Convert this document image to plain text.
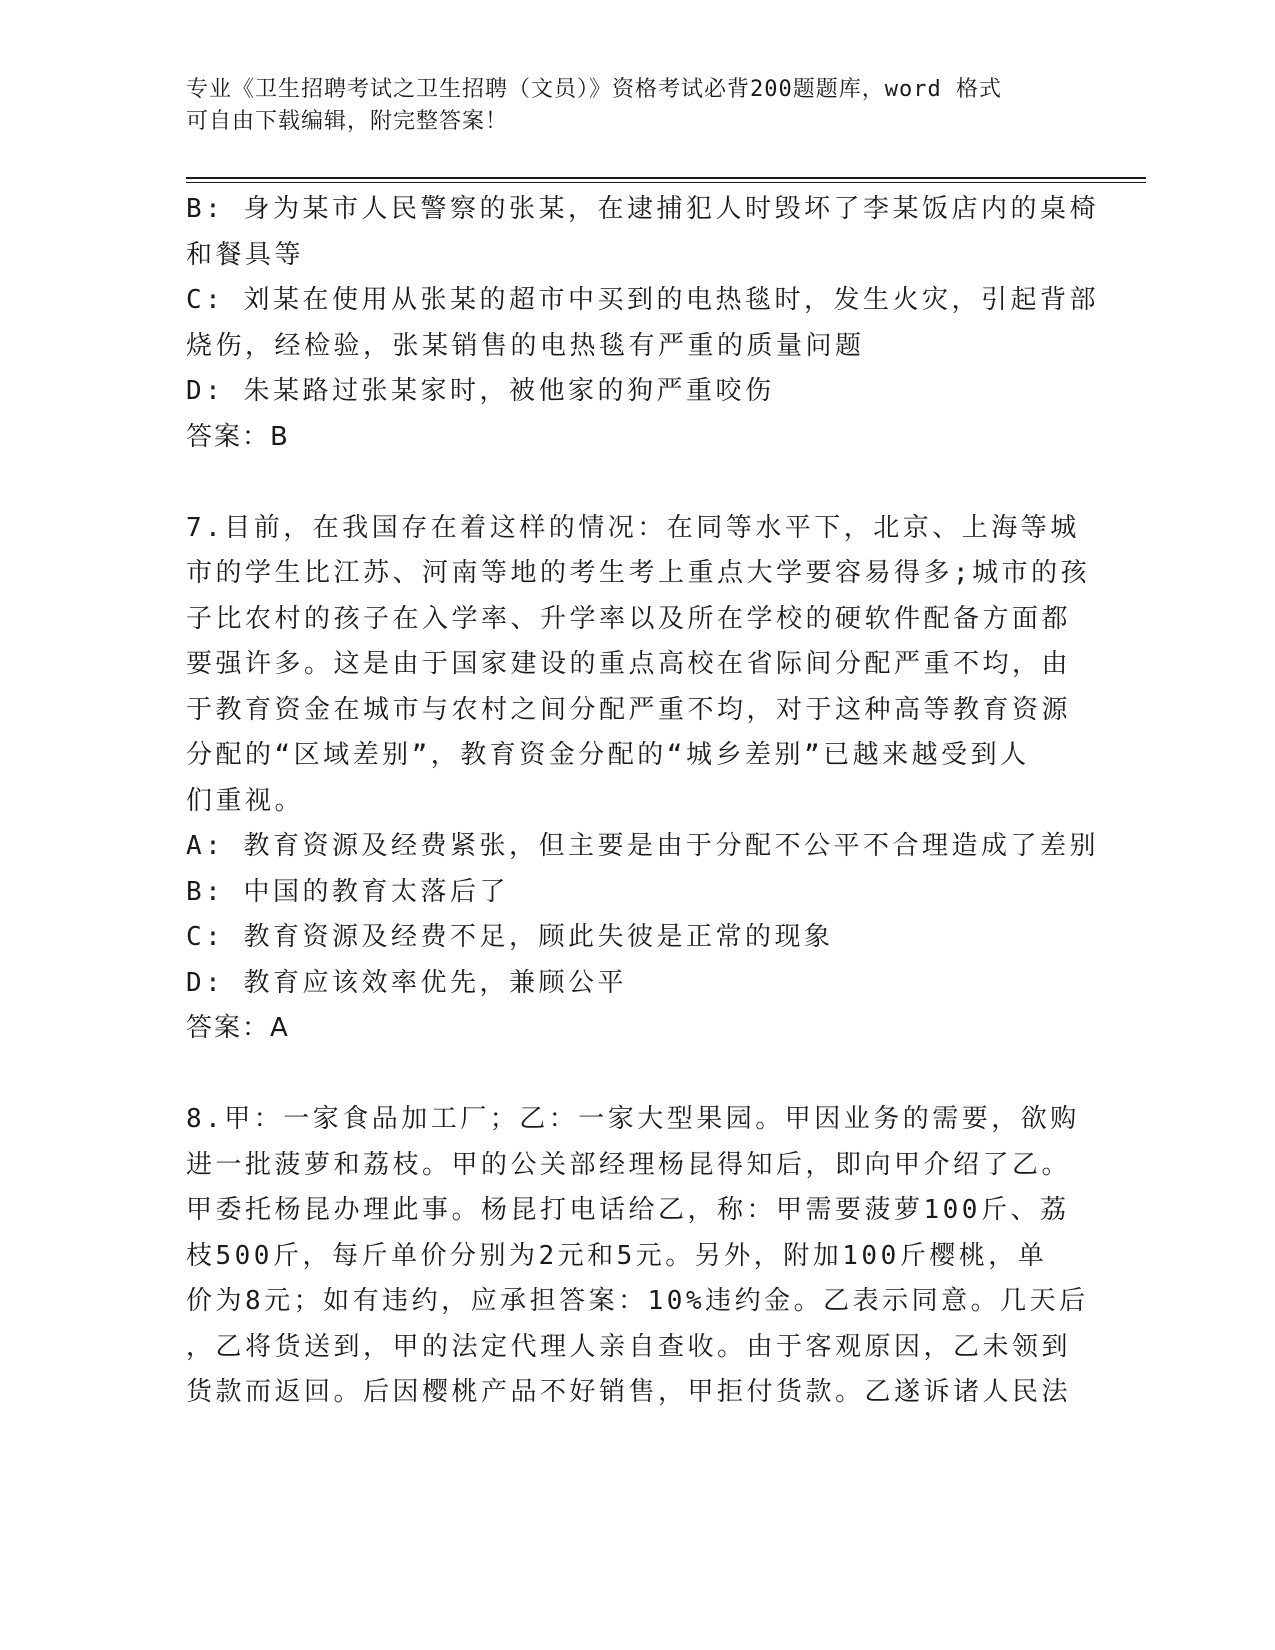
专业《卫生招聘考试之卫生招聘（文员）》资格考试必背200题题库，word 格式
可自由下载编辑，附完整答案！
B: 身为某市人民警察的张某，在逮捕犯人时毁坏了李某饭店内的桌椅
和餐具等
C: 刘某在使用从张某的超市中买到的电热毯时，发生火灾，引起背部
烧伤，经检验，张某销售的电热毯有严重的质量问题
D: 朱某路过张某家时，被他家的狗严重咬伤
答案：B
7.目前，在我国存在着这样的情况：在同等水平下，北京、上海等城
市的学生比江苏、河南等地的考生考上重点大学要容易得多;城市的孩
子比农村的孩子在入学率、升学率以及所在学校的硬软件配备方面都
要强许多。这是由于国家建设的重点高校在省际间分配严重不均，由
于教育资金在城市与农村之间分配严重不均，对于这种高等教育资源
分配的“区域差别”，教育资金分配的“城乡差别”已越来越受到人
们重视。
A: 教育资源及经费紧张，但主要是由于分配不公平不合理造成了差别
B: 中国的教育太落后了
C: 教育资源及经费不足，顾此失彼是正常的现象
D: 教育应该效率优先，兼顾公平
答案：A
8.甲：一家食品加工厂；乙：一家大型果园。甲因业务的需要，欲购
进一批菠萝和荔枝。甲的公关部经理杨昆得知后，即向甲介绍了乙。
甲委托杨昆办理此事。杨昆打电话给乙，称：甲需要菠萝100斤、荔
枝500斤，每斤单价分别为2元和5元。另外，附加100斤樱桃，单
价为8元；如有违约，应承担答案：10%违约金。乙表示同意。几天后
，乙将货送到，甲的法定代理人亲自查收。由于客观原因，乙未领到
货款而返回。后因樱桃产品不好销售，甲拒付货款。乙遂诉诸人民法
